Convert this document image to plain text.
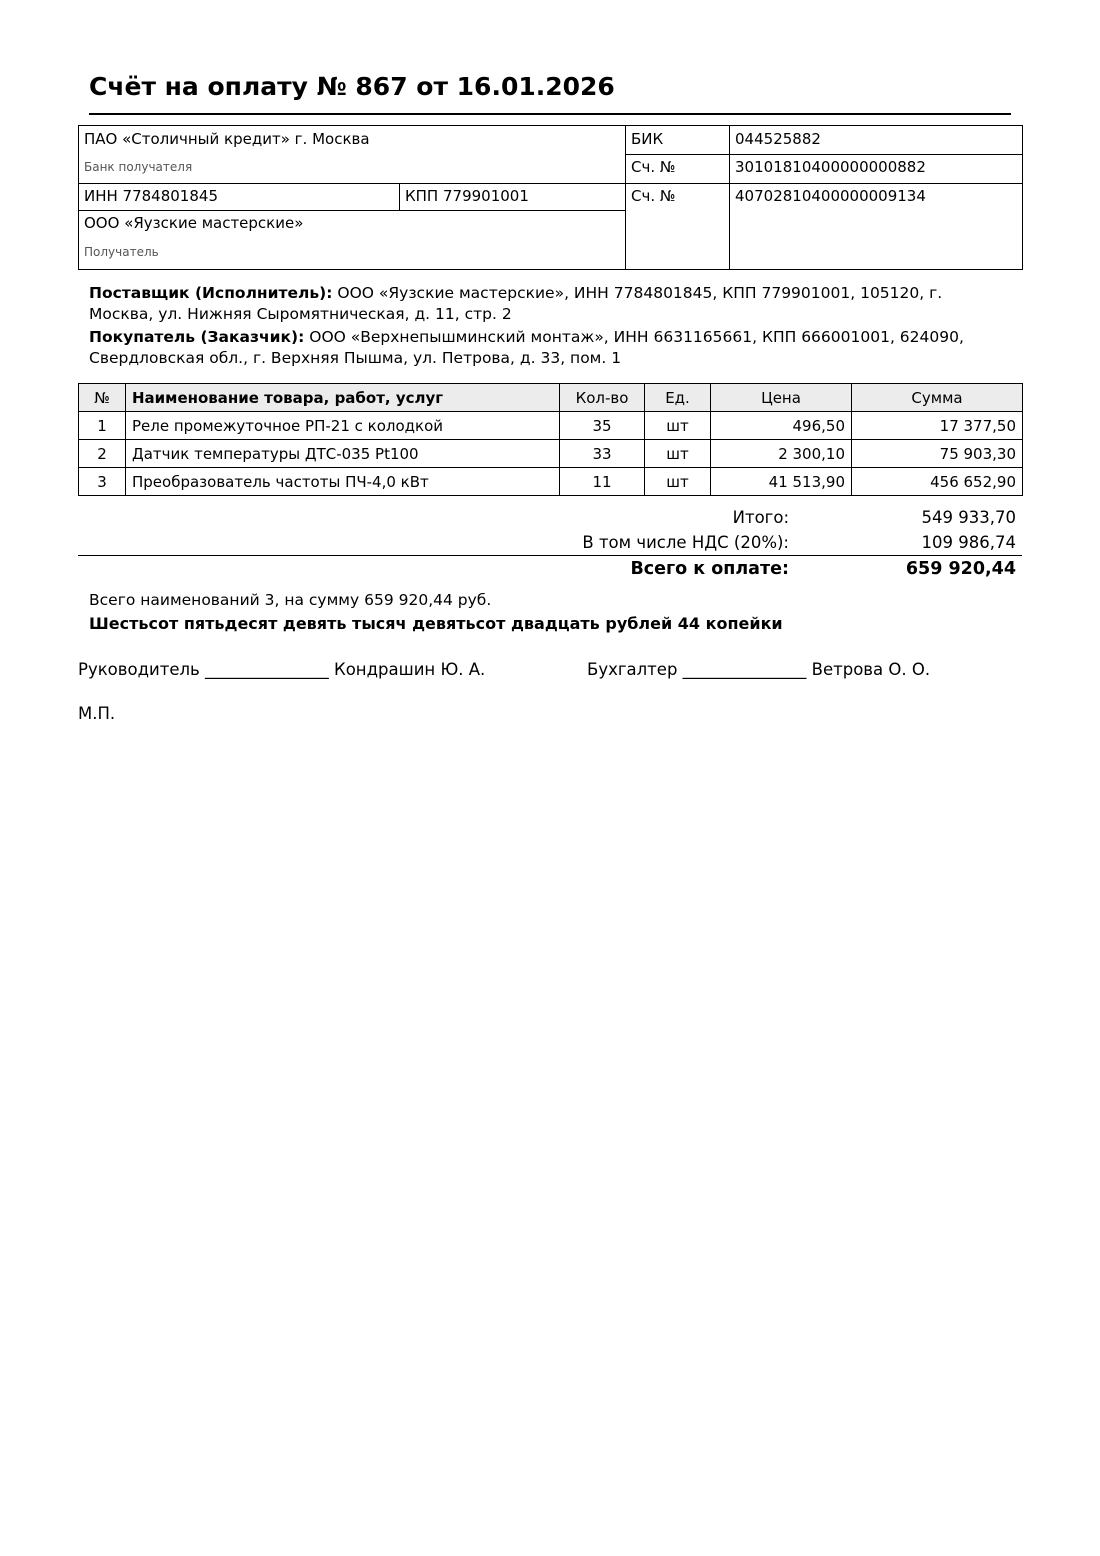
Счёт на оплату № 867 от 16.01.2026
ПАО «Столичный кредит» г. Москва		БИК	044525882
Банк получателя		Сч. №	30101810400000000882
ИНН 7784801845	КПП 779901001	Сч. №	40702810400000009134
ООО «Яузские мастерские»			
Получатель			

Поставщик (Исполнитель): ООО «Яузские мастерские», ИНН 7784801845, КПП 779901001, 105120, г. Москва, ул. Нижняя Сыромятническая, д. 11, стр. 2

Покупатель (Заказчик): ООО «Верхнепышминский монтаж», ИНН 6631165661, КПП 666001001, 624090, Свердловская обл., г. Верхняя Пышма, ул. Петрова, д. 33, пом. 1

№	Наименование товара, работ, услуг	Кол-во	Ед.	Цена	Сумма
1	Реле промежуточное РП-21 с колодкой	35	шт	496,50	17 377,50
2	Датчик температуры ДТС-035 Pt100	33	шт	2 300,10	75 903,30
3	Преобразователь частоты ПЧ-4,0 кВт	11	шт	41 513,90	456 652,90
Итого:	549 933,70
В том числе НДС (20%):	109 986,74
Всего к оплате:	659 920,44
Всего наименований 3, на сумму 659 920,44 руб.
Шестьсот пятьдесят девять тысяч девятьсот двадцать рублей 44 копейки
Руководитель _______________ Кондрашин Ю. А.	Бухгалтер _______________ Ветрова О. О.
М.П.
